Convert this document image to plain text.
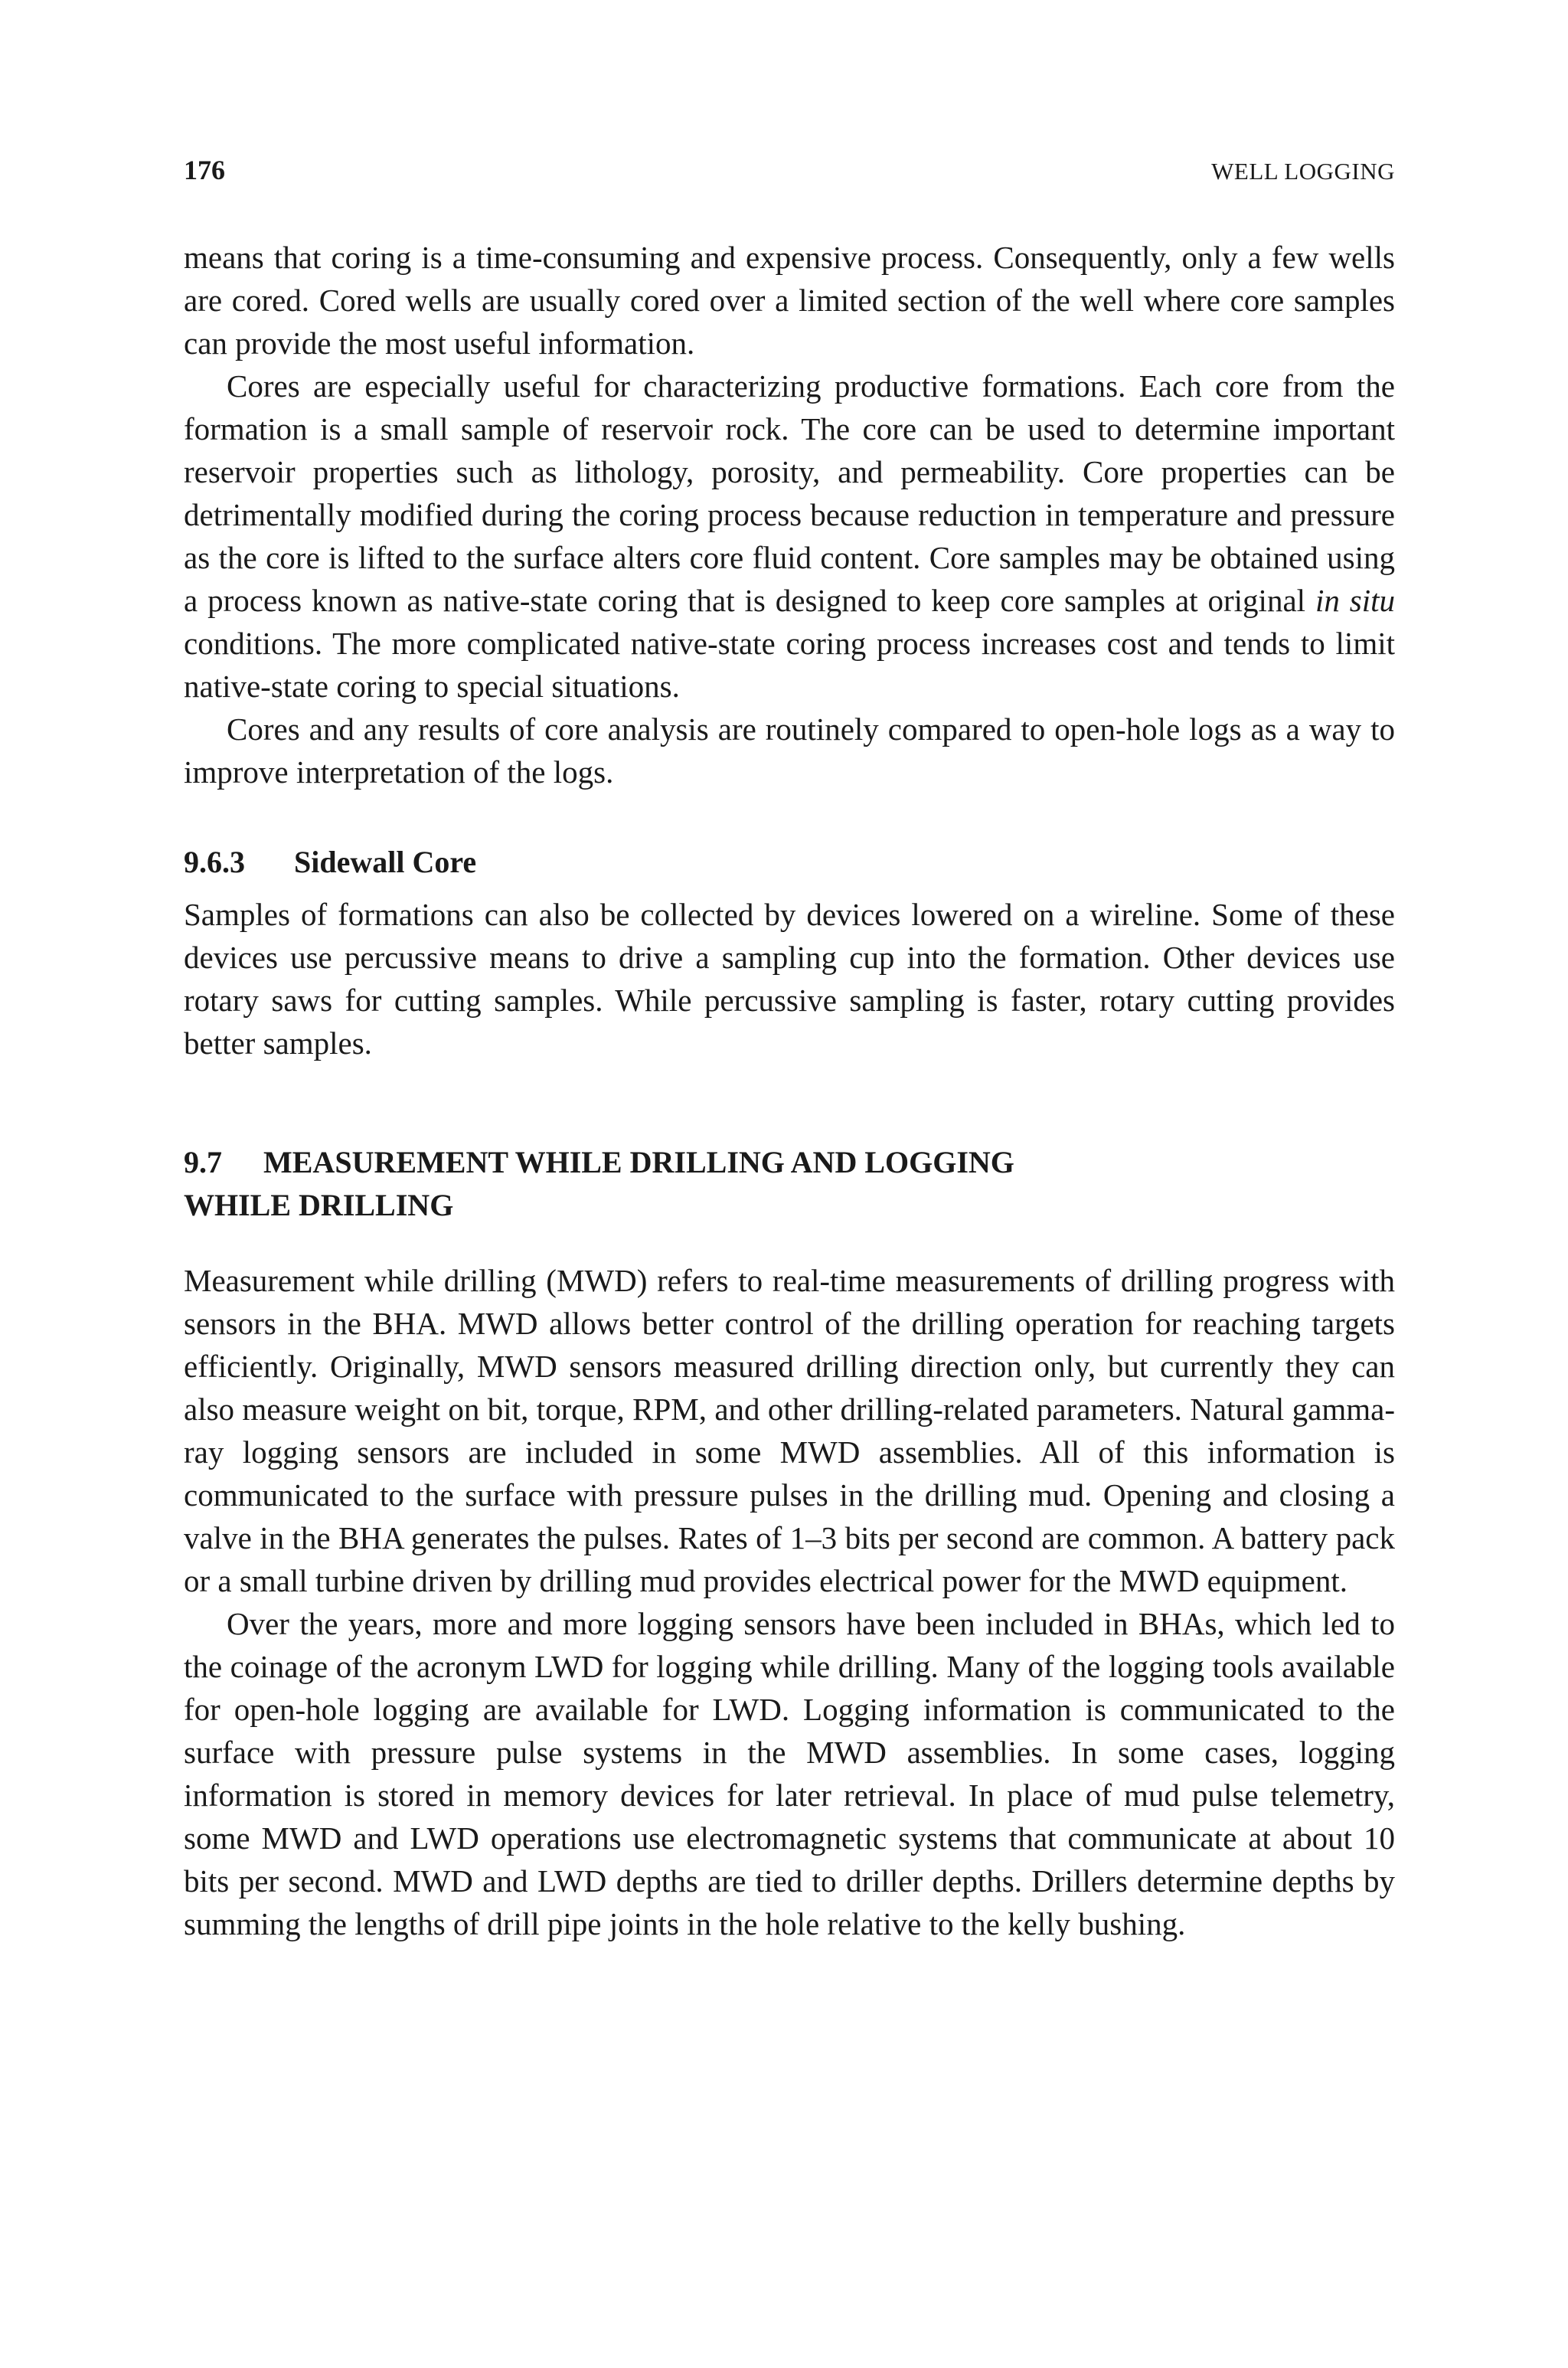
176	WELL LOGGING

means that coring is a time-consuming and expensive process. Consequently, only a few wells are cored. Cored wells are usually cored over a limited section of the well where core samples can provide the most useful information.

Cores are especially useful for characterizing productive formations. Each core from the formation is a small sample of reservoir rock. The core can be used to determine important reservoir properties such as lithology, porosity, and permeability. Core properties can be detrimentally modified during the coring process because reduction in temperature and pressure as the core is lifted to the surface alters core fluid content. Core samples may be obtained using a process known as native-state coring that is designed to keep core samples at original in situ conditions. The more complicated native-state coring process increases cost and tends to limit native-state coring to special situations.

Cores and any results of core analysis are routinely compared to open-hole logs as a way to improve interpretation of the logs.

9.6.3 Sidewall Core

Samples of formations can also be collected by devices lowered on a wireline. Some of these devices use percussive means to drive a sampling cup into the formation. Other devices use rotary saws for cutting samples. While percussive sampling is faster, rotary cutting provides better samples.

9.7 MEASUREMENT WHILE DRILLING AND LOGGING
WHILE DRILLING

Measurement while drilling (MWD) refers to real-time measurements of drilling progress with sensors in the BHA. MWD allows better control of the drilling operation for reaching targets efficiently. Originally, MWD sensors measured drilling direction only, but currently they can also measure weight on bit, torque, RPM, and other drilling-related parameters. Natural gamma-ray logging sensors are included in some MWD assemblies. All of this information is communicated to the surface with pressure pulses in the drilling mud. Opening and closing a valve in the BHA generates the pulses. Rates of 1–3 bits per second are common. A battery pack or a small turbine driven by drilling mud provides electrical power for the MWD equipment.

Over the years, more and more logging sensors have been included in BHAs, which led to the coinage of the acronym LWD for logging while drilling. Many of the logging tools available for open-hole logging are available for LWD. Logging information is communicated to the surface with pressure pulse systems in the MWD assemblies. In some cases, logging information is stored in memory devices for later retrieval. In place of mud pulse telemetry, some MWD and LWD operations use electromagnetic systems that communicate at about 10 bits per second. MWD and LWD depths are tied to driller depths. Drillers determine depths by summing the lengths of drill pipe joints in the hole relative to the kelly bushing.
